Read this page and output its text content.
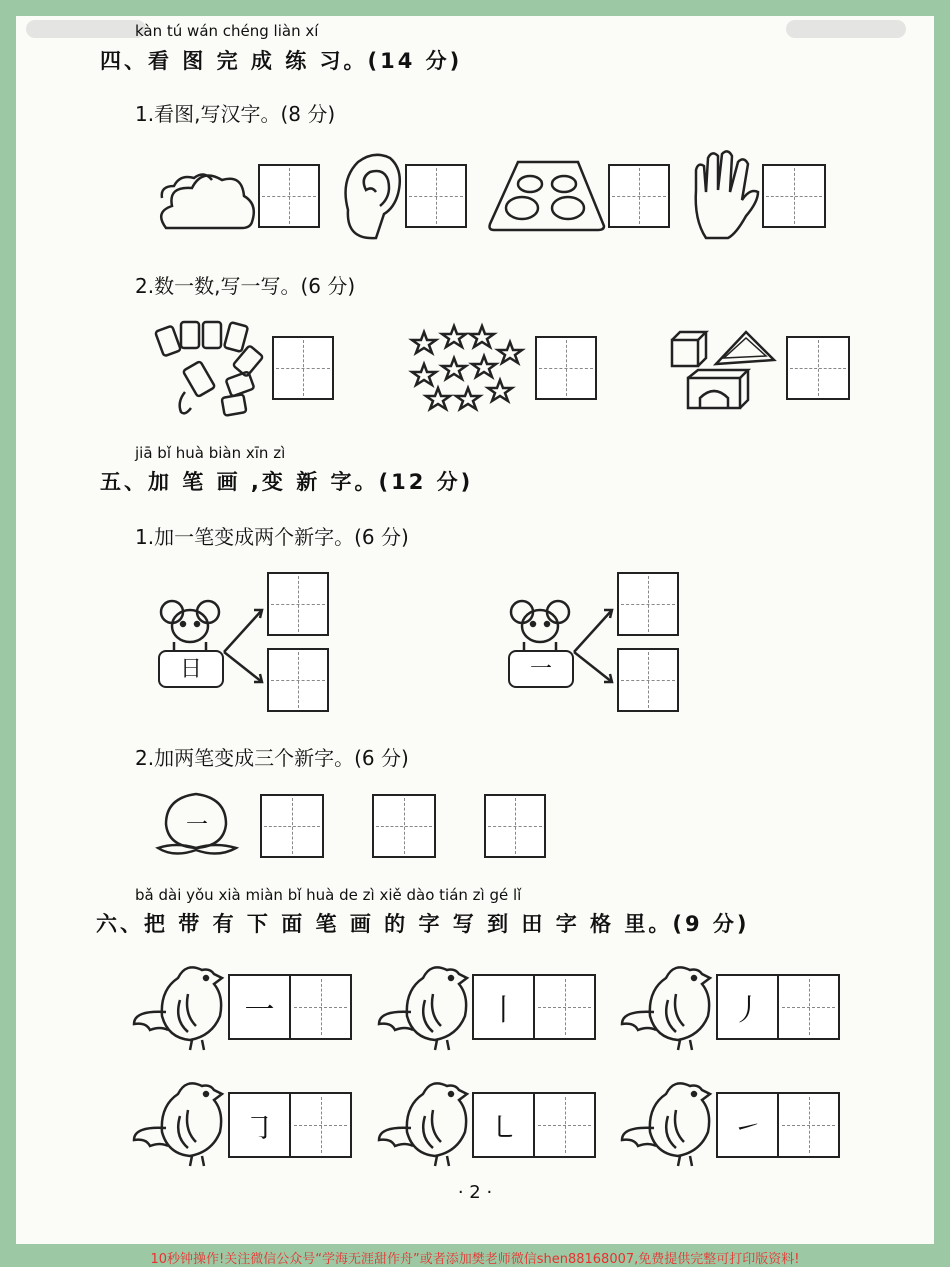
kàn tú wán chéng liàn xí
四、看 图 完 成 练 习。(14 分)
1.看图,写汉字。(8 分)
2.数一数,写一写。(6 分)
jiā bǐ huà biàn xīn zì
五、加 笔 画 ,变 新 字。(12 分)
1.加一笔变成两个新字。(6 分)
日	一
2.加两笔变成三个新字。(6 分)
一
bǎ dài yǒu xià miàn bǐ huà de zì xiě dào tián zì gé lǐ
六、把 带 有 下 面 笔 画 的 字 写 到 田 字 格 里。(9 分)
一	丨	丿
㇆	㇄	㇀
· 2 ·
10秒钟操作!关注微信公众号“学海无涯甜作舟”或者添加樊老师微信shen88168007,免费提供完整可打印版资料!
